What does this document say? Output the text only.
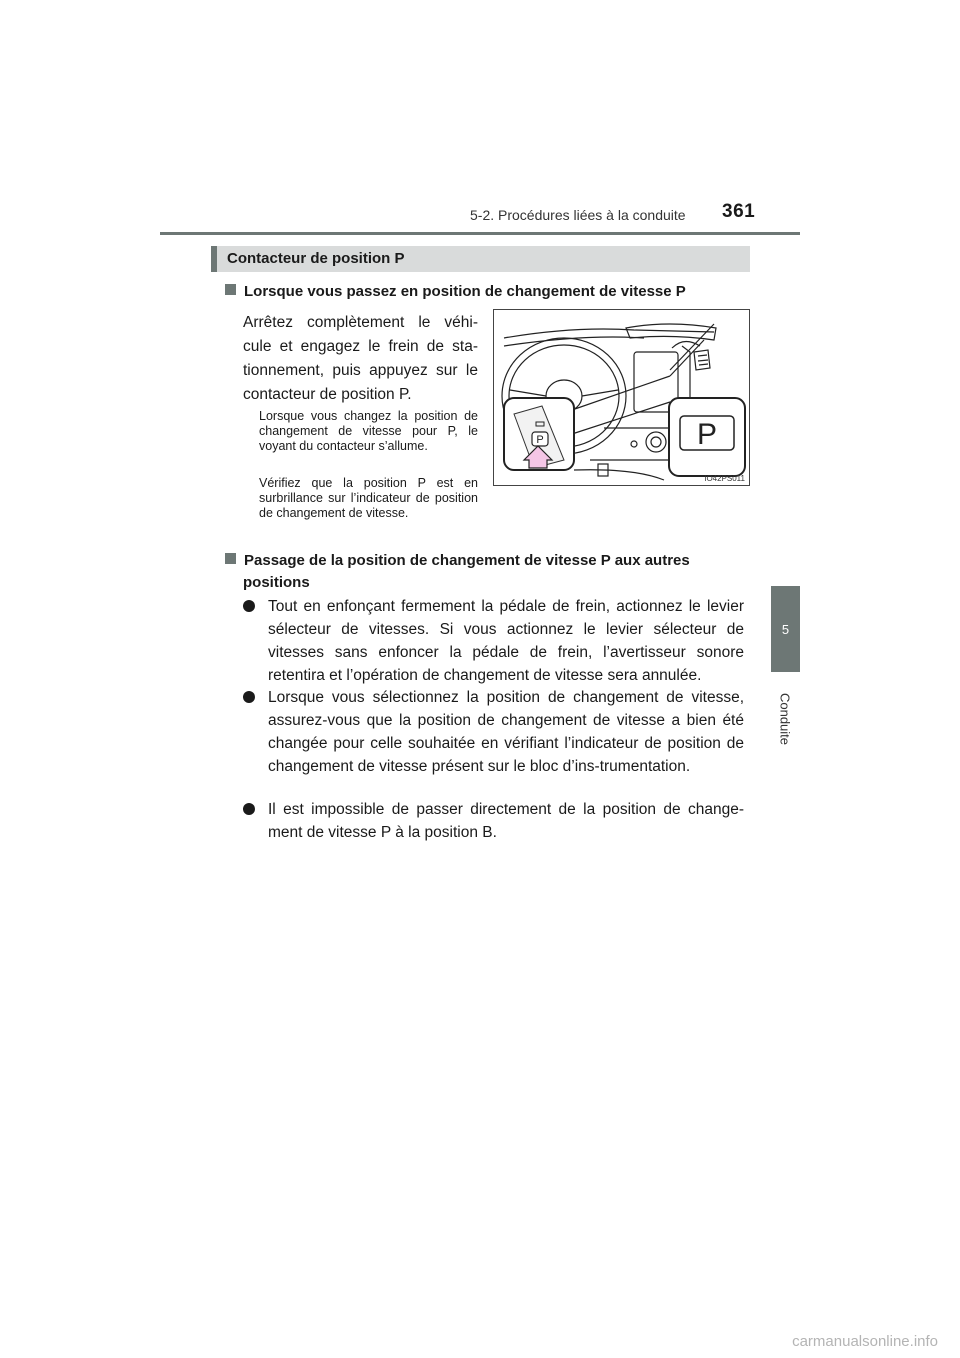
5-2. Procédures liées à la conduite 361
5
Conduite
Contacteur de position P
Lorsque vous passez en position de changement de vitesse P
Arrêtez complètement le véhi-
cule et engagez le frein de sta-
tionnement, puis appuyez sur le
contacteur de position P.
Lorsque vous changez la position de changement de vitesse pour P, le voyant du contacteur s’allume.
Vérifiez que la position P est en surbrillance sur l’indicateur de position de changement de vitesse.
P	P
IO42PS011
Passage de la position de changement de vitesse P aux autres
positions
Tout en enfonçant fermement la pédale de frein, actionnez le levier sélecteur de vitesses. Si vous actionnez le levier sélecteur de vitesses sans enfoncer la pédale de frein, l’avertisseur sonore retentira et l’opération de changement de vitesse sera annulée.
Lorsque vous sélectionnez la position de changement de vitesse, assurez-vous que la position de changement de vitesse a bien été changée pour celle souhaitée en vérifiant l’indicateur de position de changement de vitesse présent sur le bloc d’ins-trumentation.
Il est impossible de passer directement de la position de change-ment de vitesse P à la position B.
carmanualsonline.info
